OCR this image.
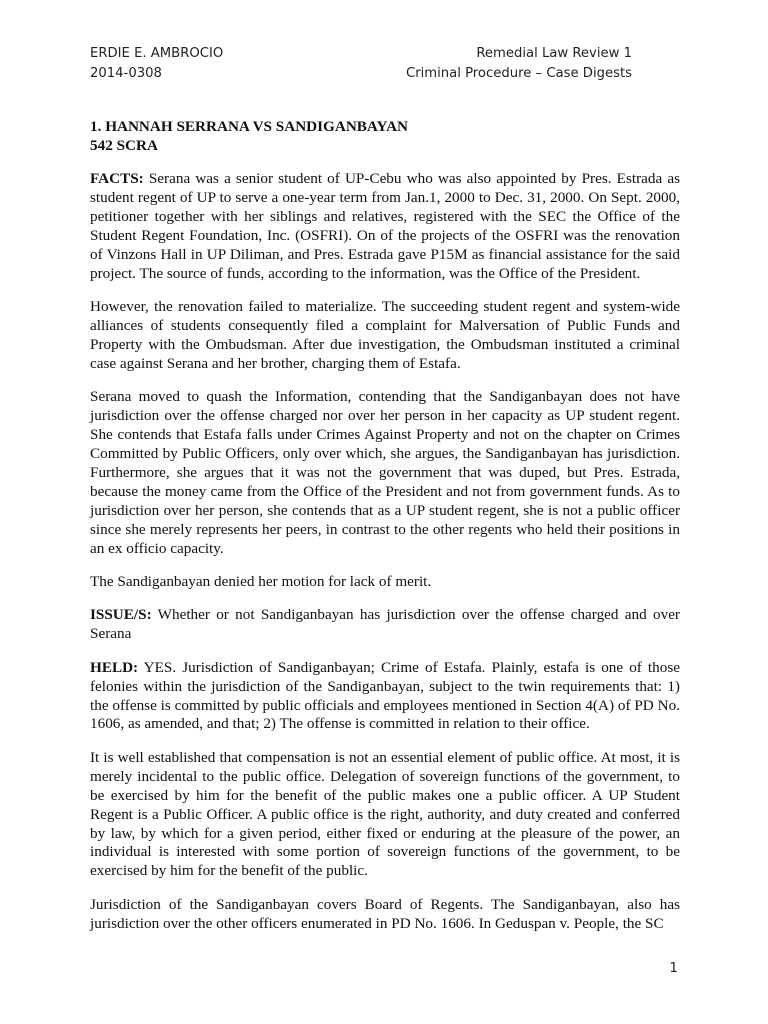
ERDIE E. AMBROCIO	Remedial Law Review 1
2014-0308	Criminal Procedure – Case Digests

1. HANNAH SERRANA VS SANDIGANBAYAN

542 SCRA

FACTS: Serana was a senior student of UP-Cebu who was also appointed by Pres. Estrada as student regent of UP to serve a one-year term from Jan.1, 2000 to Dec. 31, 2000. On Sept. 2000, petitioner together with her siblings and relatives, registered with the SEC the Office of the Student Regent Foundation, Inc. (OSFRI). On of the projects of the OSFRI was the renovation of Vinzons Hall in UP Diliman, and Pres. Estrada gave P15M as financial assistance for the said project. The source of funds, according to the information, was the Office of the President.

However, the renovation failed to materialize. The succeeding student regent and system-wide alliances of students consequently filed a complaint for Malversation of Public Funds and Property with the Ombudsman. After due investigation, the Ombudsman instituted a criminal case against Serana and her brother, charging them of Estafa.

Serana moved to quash the Information, contending that the Sandiganbayan does not have jurisdiction over the offense charged nor over her person in her capacity as UP student regent. She contends that Estafa falls under Crimes Against Property and not on the chapter on Crimes Committed by Public Officers, only over which, she argues, the Sandiganbayan has jurisdiction. Furthermore, she argues that it was not the government that was duped, but Pres. Estrada, because the money came from the Office of the President and not from government funds. As to jurisdiction over her person, she contends that as a UP student regent, she is not a public officer since she merely represents her peers, in contrast to the other regents who held their positions in an ex officio capacity.

The Sandiganbayan denied her motion for lack of merit.

ISSUE/S: Whether or not Sandiganbayan has jurisdiction over the offense charged and over Serana

HELD: YES. Jurisdiction of Sandiganbayan; Crime of Estafa. Plainly, estafa is one of those felonies within the jurisdiction of the Sandiganbayan, subject to the twin requirements that: 1) the offense is committed by public officials and employees mentioned in Section 4(A) of PD No. 1606, as amended, and that; 2) The offense is committed in relation to their office.

It is well established that compensation is not an essential element of public office. At most, it is merely incidental to the public office. Delegation of sovereign functions of the government, to be exercised by him for the benefit of the public makes one a public officer. A UP Student Regent is a Public Officer. A public office is the right, authority, and duty created and conferred by law, by which for a given period, either fixed or enduring at the pleasure of the power, an individual is interested with some portion of sovereign functions of the government, to be exercised by him for the benefit of the public.

Jurisdiction of the Sandiganbayan covers Board of Regents. The Sandiganbayan, also has jurisdiction over the other officers enumerated in PD No. 1606. In Geduspan v. People, the SC

1
